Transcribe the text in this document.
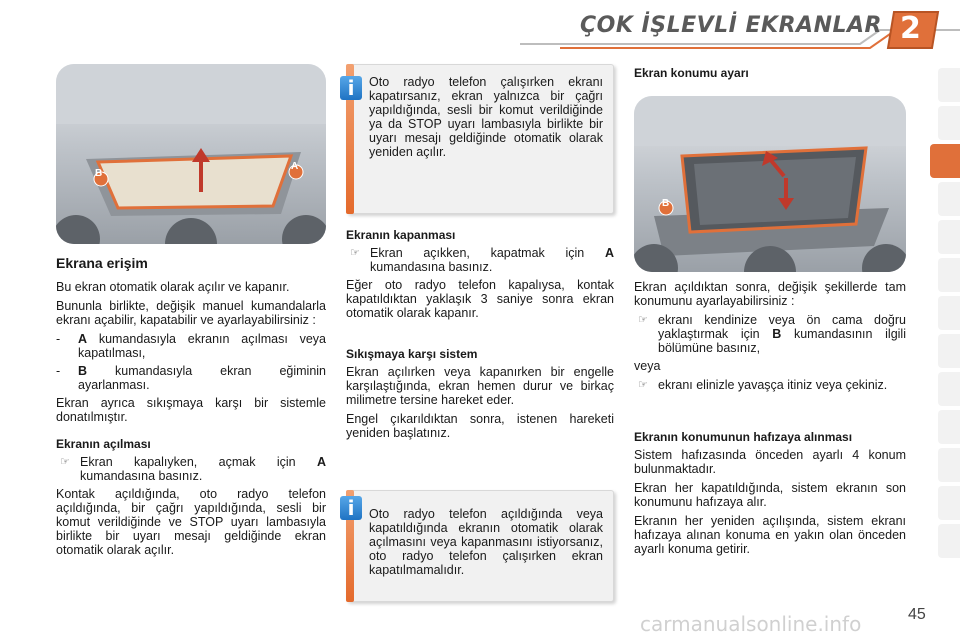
ÇOK İŞLEVLİ EKRANLAR 2
B
A
Ekrana erişim

Bu ekran otomatik olarak açılır ve kapanır.

Bununla birlikte, değişik manuel kumandalarla ekranı açabilir, kapatabilir ve ayarlayabilirsiniz :

-	A kumandasıyla ekranın açılması veya kapatılması,
-	B kumandasıyla ekran eğiminin ayarlanması.

Ekran ayrıca sıkışmaya karşı bir sistemle donatılmıştır.

Ekranın açılması
☞ Ekran kapalıyken, açmak için A kumandasına basınız.

Kontak açıldığında, oto radyo telefon açıldığında, bir çağrı yapıldığında, sesli bir komut verildiğinde ve STOP uyarı lambasıyla birlikte bir uyarı mesajı geldiğinde ekran otomatik olarak açılır.

Oto radyo telefon çalışırken ekranı kapatırsanız, ekran yalnızca bir çağrı yapıldığında, sesli bir komut verildiğinde ya da STOP uyarı lambasıyla birlikte bir uyarı mesajı geldiğinde otomatik olarak yeniden açılır.
i
Ekranın kapanması
☞ Ekran açıkken, kapatmak için A kumandasına basınız.

Eğer oto radyo telefon kapalıysa, kontak kapatıldıktan yaklaşık 3 saniye sonra ekran otomatik olarak kapanır.

Sıkışmaya karşı sistem

Ekran açılırken veya kapanırken bir engelle karşılaştığında, ekran hemen durur ve birkaç milimetre tersine hareket eder.

Engel çıkarıldıktan sonra, istenen hareketi yeniden başlatınız.

Oto radyo telefon açıldığında veya kapatıldığında ekranın otomatik olarak açılmasını veya kapanmasını istiyorsanız, oto radyo telefon çalışırken ekran kapatılmamalıdır.
i
Ekran konumu ayarı
B

Ekran açıldıktan sonra, değişik şekillerde tam konumunu ayarlayabilirsiniz :

☞ ekranı kendinize veya ön cama doğru yaklaştırmak için B kumandasının ilgili bölümüne basınız,

veya

☞ ekranı elinizle yavaşça itiniz veya çekiniz.
Ekranın konumunun hafızaya alınması

Sistem hafızasında önceden ayarlı 4 konum bulunmaktadır.

Ekran her kapatıldığında, sistem ekranın son konumunu hafızaya alır.

Ekranın her yeniden açılışında, sistem ekranı hafızaya alınan konuma en yakın olan önceden ayarlı konuma getirir.

carmanualsonline.info	45
